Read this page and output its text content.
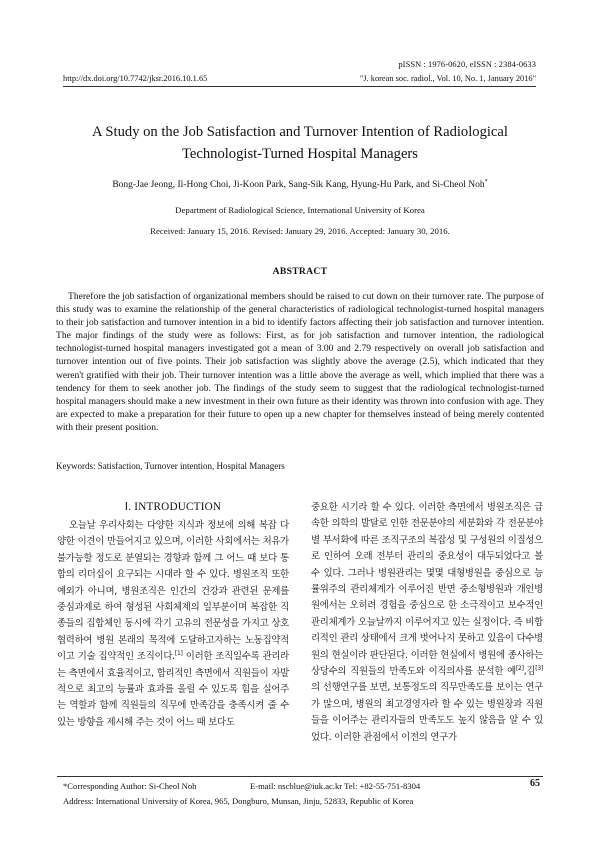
pISSN : 1976-0620, eISSN : 2384-0633
http://dx.doi.org/10.7742/jksr.2016.10.1.65	"J. korean soc. radiol., Vol. 10, No. 1, January 2016"
A Study on the Job Satisfaction and Turnover Intention of Radiological
Technologist-Turned Hospital Managers
Bong-Jae Jeong, Il-Hong Choi, Ji-Koon Park, Sang-Sik Kang, Hyung-Hu Park, and Si-Cheol Noh*
Department of Radiological Science, International University of Korea
Received: January 15, 2016. Revised: January 29, 2016. Accepted: January 30, 2016.
ABSTRACT

Therefore the job satisfaction of organizational members should be raised to cut down on their turnover rate. The purpose of this study was to examine the relationship of the general characteristics of radiological technologist-turned hospital managers to their job satisfaction and turnover intention in a bid to identify factors affecting their job satisfaction and turnover intention. The major findings of the study were as follows: First, as for job satisfaction and turnover intention, the radiological technologist-turned hospital managers investigated got a mean of 3.00 and 2.79 respectively on overall job satisfaction and turnover intention out of five points. Their job satisfaction was slightly above the average (2.5), which indicated that they weren't gratified with their job. Their turnover intention was a little above the average as well, which implied that there was a tendency for them to seek another job. The findings of the study seem to suggest that the radiological technologist-turned hospital managers should make a new investment in their own future as their identity was thrown into confusion with age. They are expected to make a preparation for their future to open up a new chapter for themselves instead of being merely contented with their present position.

Keywords: Satisfaction, Turnover intention, Hospital Managers
Ⅰ. INTRODUCTION

오늘날 우리사회는 다양한 지식과 정보에 의해 복잡 다양한 이견이 만들어지고 있으며, 이러한 사회에서는 처유가 불가능할 정도로 분열되는 경향과 함께 그 어느 때 보다 통합의 리더십이 요구되는 시대라 할 수 있다. 병원조직 또한 예외가 아니며, 병원조직은 인간의 건강과 관련된 문제를 중심과제로 하여 형성된 사회체제의 일부분이며 복잡한 직종들의 집합체인 동시에 각기 고유의 전문성을 가지고 상호 협력하여 병원 본래의 목적에 도달하고자하는 노동집약적이고 기술 집약적인 조직이다.[1] 이러한 조직일수록 관리라는 측면에서 효율적이고, 합리적인 측면에서 직원들이 자발적으로 최고의 능률과 효과를 올릴 수 있도록 힘을 실어주는 역할과 함께 직원들의 직무에 만족감을 충족시켜 줄 수 있는 방향을 제시해 주는 것이 어느 때 보다도

중요한 시기라 할 수 있다. 이러한 측면에서 병원조직은 급속한 의학의 발달로 인한 전문분야의 세분화와 각 전문분야별 부서화에 따른 조직구조의 복잡성 및 구성원의 이질성으로 인하여 오래 전부터 관리의 중요성이 대두되었다고 볼 수 있다. 그러나 병원관리는 몇몇 대형병원을 중심으로 능률위주의 관리체계가 이루어진 반면 중소형병원과 개인병원에서는 오히려 경험을 중심으로 한 소극적이고 보수적인 관리체계가 오늘날까지 이루어지고 있는 실정이다. 즉 비합리적인 관리 상태에서 크게 벗어나지 못하고 있음이 다수병원의 현실이라 판단된다. 이러한 현실에서 병원에 종사하는 상당수의 직원들의 만족도와 이직의사를 분석한 예[2],김[3]의 선행연구를 보면, 보통정도의 직무만족도를 보이는 연구가 많으며, 병원의 최고경영자라 할 수 있는 병원장과 직원들을 이어주는 관리자들의 만족도도 높지 않음을 알 수 있었다. 이러한 관점에서 이전의 연구가

*Corresponding Author: Si-Cheol Noh	E-mail: nscblue@iuk.ac.kr Tel: +82-55-751-8304
Address: International University of Korea, 965, Dongburo, Munsan, Jinju, 52833, Republic of Korea
65
